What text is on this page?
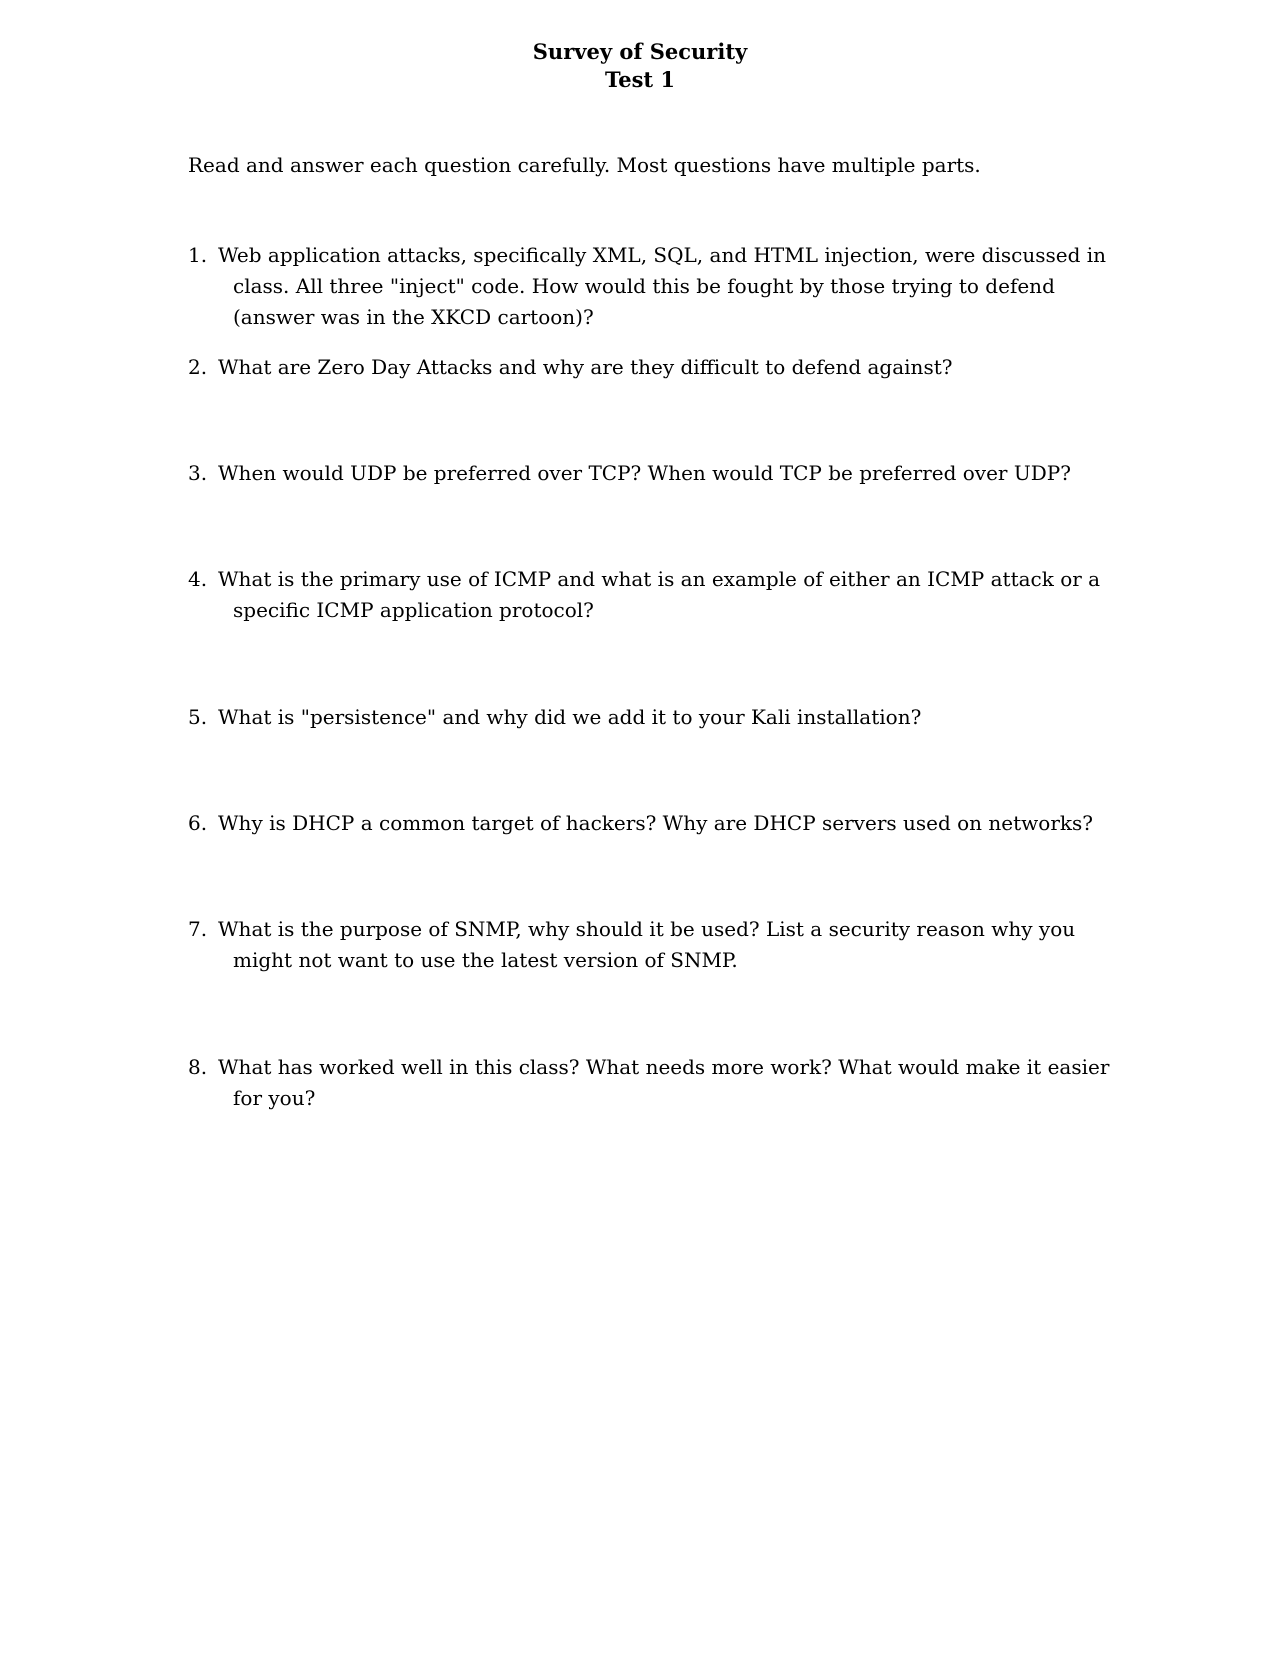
Survey of Security
Test 1
Read and answer each question carefully. Most questions have multiple parts.
1. Web application attacks, specifically XML, SQL, and HTML injection, were discussed in class. All three "inject" code. How would this be fought by those trying to defend (answer was in the XKCD cartoon)?
2. What are Zero Day Attacks and why are they difficult to defend against?
3. When would UDP be preferred over TCP? When would TCP be preferred over UDP?
4. What is the primary use of ICMP and what is an example of either an ICMP attack or a specific ICMP application protocol?
5. What is "persistence" and why did we add it to your Kali installation?
6. Why is DHCP a common target of hackers? Why are DHCP servers used on networks?
7. What is the purpose of SNMP, why should it be used? List a security reason why you might not want to use the latest version of SNMP.
8. What has worked well in this class? What needs more work? What would make it easier for you?
